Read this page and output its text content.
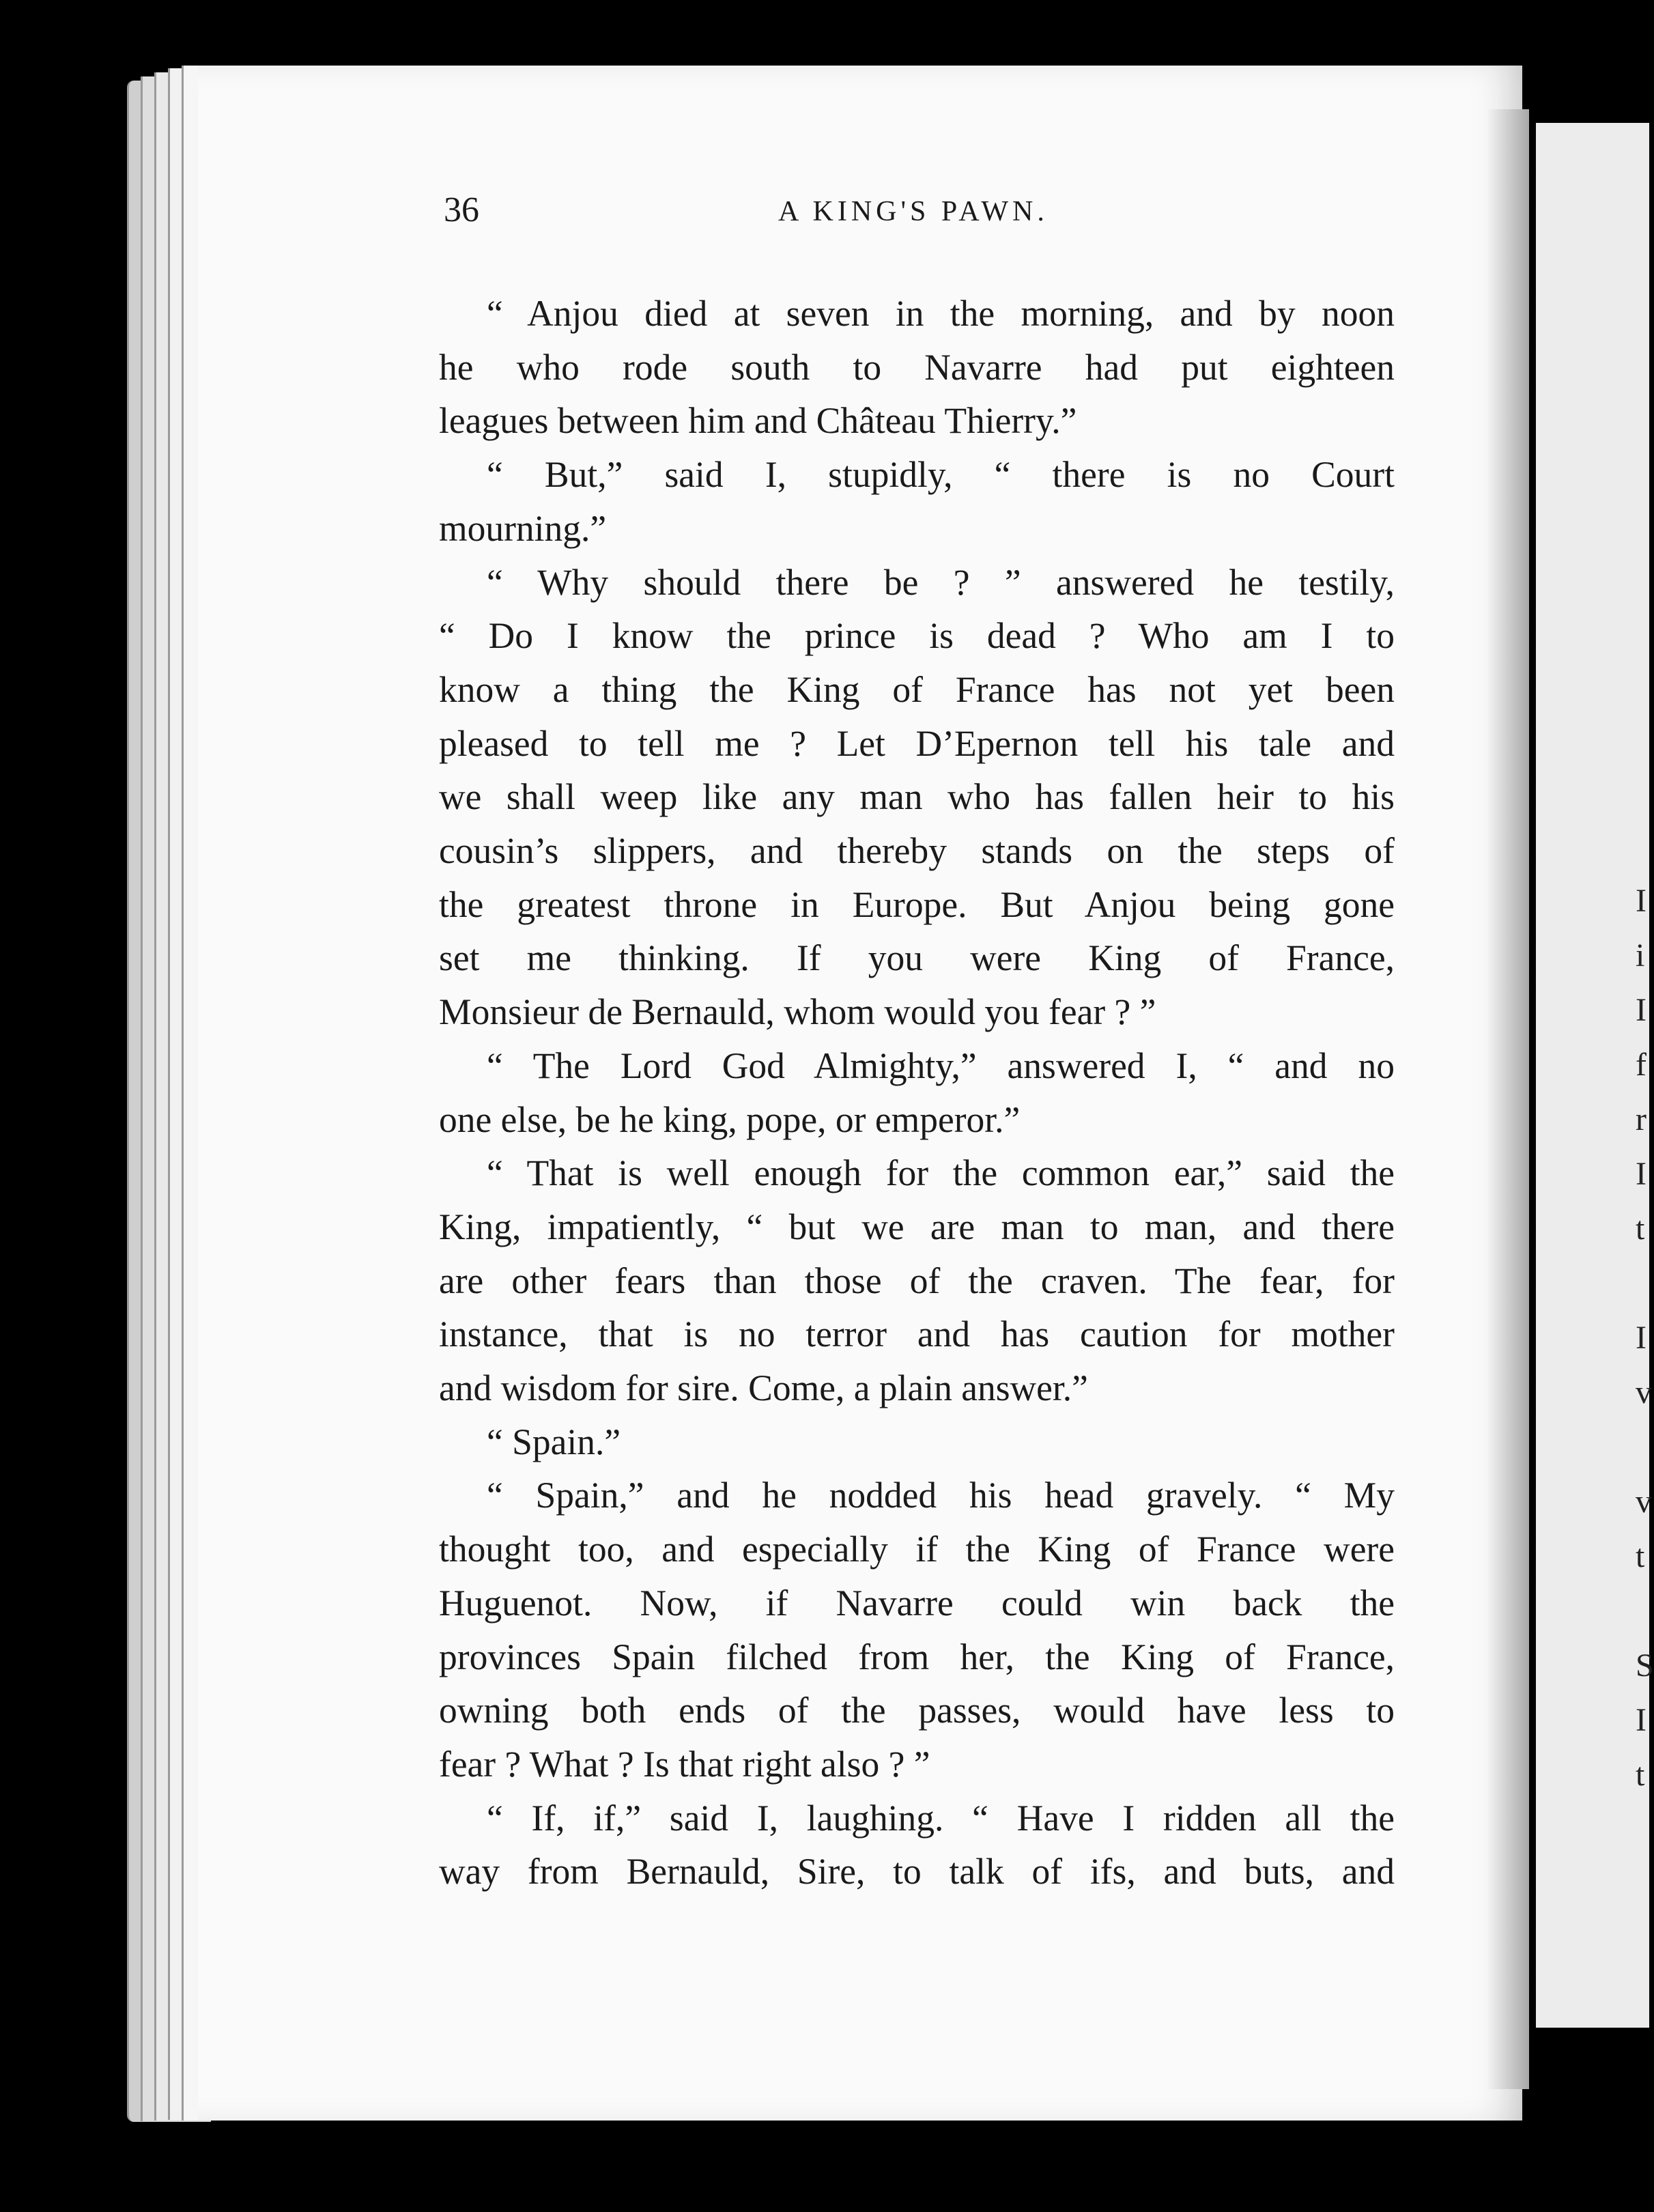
I
i
I
f
r
I
t
I
v
v
t
S
I
t
36	A KING'S PAWN.
“ Anjou died at seven in the morning, and by noon
he who rode south to Navarre had put eighteen
leagues between him and Château Thierry.”
“ But,” said I, stupidly, “ there is no Court
mourning.”
“ Why should there be ? ” answered he testily,
“ Do I know the prince is dead ? Who am I to
know a thing the King of France has not yet been
pleased to tell me ? Let D’Epernon tell his tale and
we shall weep like any man who has fallen heir to his
cousin’s slippers, and thereby stands on the steps of
the greatest throne in Europe. But Anjou being gone
set me thinking. If you were King of France,
Monsieur de Bernauld, whom would you fear ? ”
“ The Lord God Almighty,” answered I, “ and no
one else, be he king, pope, or emperor.”
“ That is well enough for the common ear,” said the
King, impatiently, “ but we are man to man, and there
are other fears than those of the craven. The fear, for
instance, that is no terror and has caution for mother
and wisdom for sire. Come, a plain answer.”
“ Spain.”
“ Spain,” and he nodded his head gravely. “ My
thought too, and especially if the King of France were
Huguenot. Now, if Navarre could win back the
provinces Spain filched from her, the King of France,
owning both ends of the passes, would have less to
fear ? What ? Is that right also ? ”
“ If, if,” said I, laughing. “ Have I ridden all the
way from Bernauld, Sire, to talk of ifs, and buts, and
